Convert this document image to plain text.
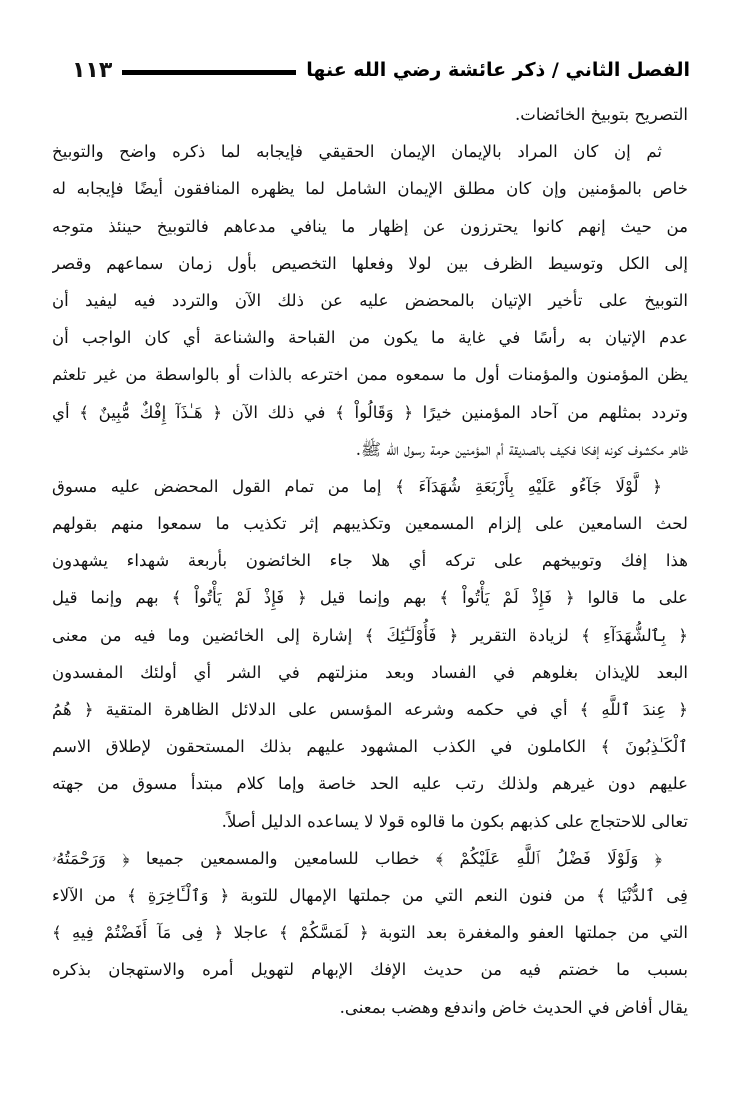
الفصل الثاني / ذكر عائشة رضي الله عنها
١١٣
التصريح بتوبيخ الخائضات.
ثم إن كان المراد بالإيمان الإيمان الحقيقي فإيجابه لما ذكره واضح والتوبيخ
خاص بالمؤمنين وإن كان مطلق الإيمان الشامل لما يظهره المنافقون أيضًا فإيجابه له
من حيث إنهم كانوا يحترزون عن إظهار ما ينافي مدعاهم فالتوبيخ حينئذ متوجه
إلى الكل وتوسيط الظرف بين لولا وفعلها التخصيص بأول زمان سماعهم وقصر
التوبيخ على تأخير الإتيان بالمحضض عليه عن ذلك الآن والتردد فيه ليفيد أن
عدم الإتيان به رأسًا في غاية ما يكون من القباحة والشناعة أي كان الواجب أن
يظن المؤمنون والمؤمنات أول ما سمعوه ممن اخترعه بالذات أو بالواسطة من غير تلعثم
وتردد بمثلهم من آحاد المؤمنين خيرًا ﴿ وَقَالُواْ ﴾ في ذلك الآن ﴿ هَـٰذَآ إِفْكٌ مُّبِينٌ ﴾ أي
ظاهر مكشوف كونه إفكا فكيف بالصديقة أم المؤمنين حرمة رسول الله ﷺ.
﴿ لَّوْلَا جَآءُو عَلَيْهِ بِأَرْبَعَةِ شُهَدَآءَ ﴾ إما من تمام القول المحضض عليه مسوق
لحث السامعين على إلزام المسمعين وتكذيبهم إثر تكذيب ما سمعوا منهم بقولهم
هذا إفك وتوبيخهم على تركه أي هلا جاء الخائضون بأربعة شهداء يشهدون
على ما قالوا ﴿ فَإِذْ لَمْ يَأْتُواْ ﴾ بهم وإنما قيل ﴿ فَإِذْ لَمْ يَأْتُواْ ﴾ بهم وإنما قيل
﴿ بِٱلشُّهَدَآءِ ﴾ لزيادة التقرير ﴿ فَأُوْلَـٰٓئِكَ ﴾ إشارة إلى الخائضين وما فيه من معنى
البعد للإيذان بغلوهم في الفساد وبعد منزلتهم في الشر أي أولئك المفسدون
﴿ عِندَ ٱللَّهِ ﴾ أي في حكمه وشرعه المؤسس على الدلائل الظاهرة المتقية ﴿ هُمُ
ٱلْكَـٰذِبُونَ ﴾ الكاملون في الكذب المشهود عليهم بذلك المستحقون لإطلاق الاسم
عليهم دون غيرهم ولذلك رتب عليه الحد خاصة وإما كلام مبتدأ مسوق من جهته
تعالى للاحتجاج على كذبهم بكون ما قالوه قولا لا يساعده الدليل أصلاً.
﴿ وَلَوْلَا فَضْلُ ٱللَّهِ عَلَيْكُمْ ﴾ خطاب للسامعين والمسمعين جميعا ﴿ وَرَحْمَتُهُۥ
فِى ٱلدُّنْيَا ﴾ من فنون النعم التي من جملتها الإمهال للتوبة ﴿ وَٱلْـَٔاخِرَةِ ﴾ من الآلاء
التي من جملتها العفو والمغفرة بعد التوبة ﴿ لَمَسَّكُمْ ﴾ عاجلا ﴿ فِى مَآ أَفَضْتُمْ فِيهِ ﴾
بسبب ما خضتم فيه من حديث الإفك الإبهام لتهويل أمره والاستهجان بذكره
يقال أفاض في الحديث خاض واندفع وهضب بمعنى.
